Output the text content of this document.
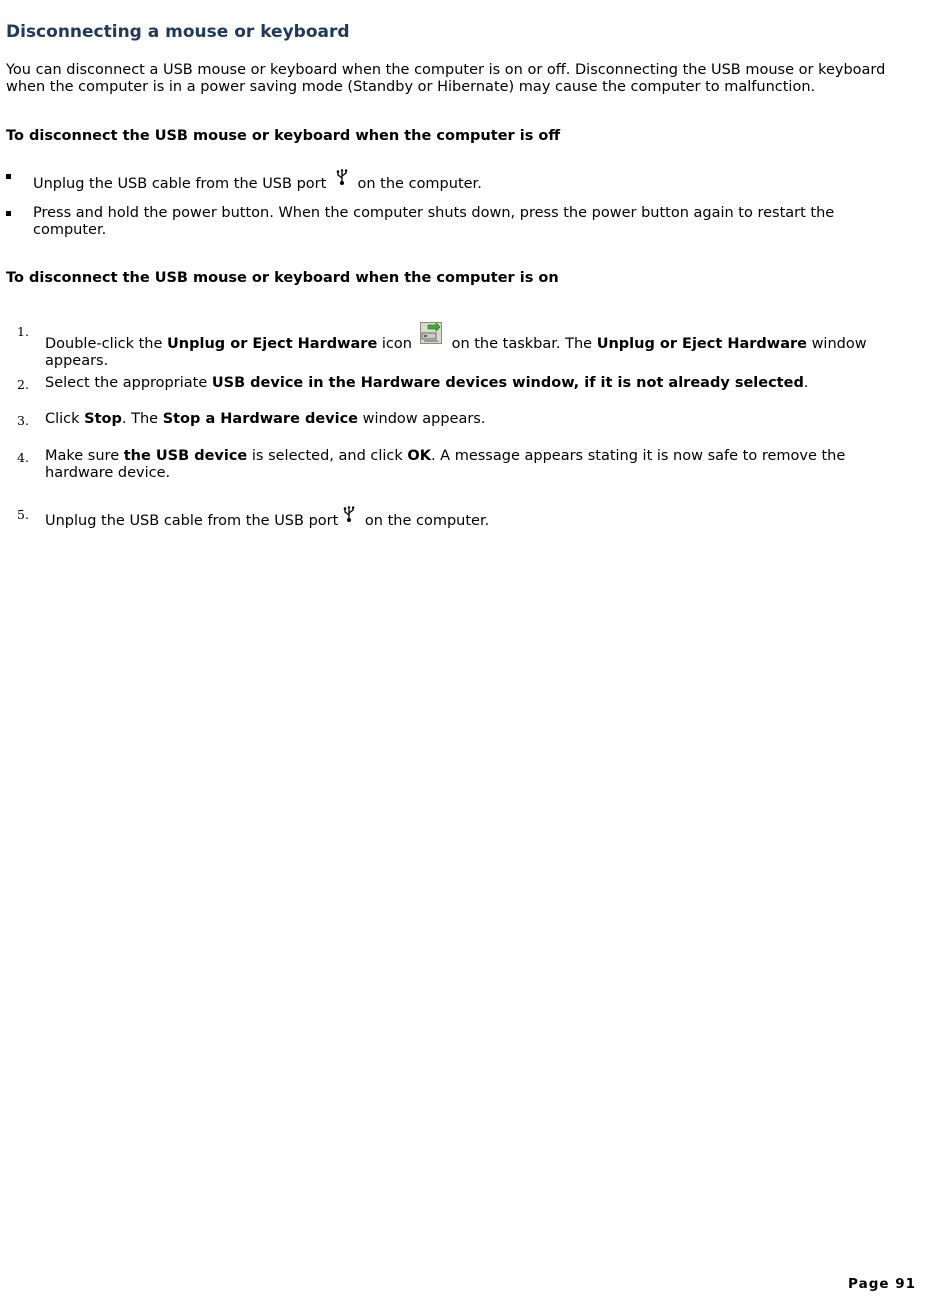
Disconnecting a mouse or keyboard

You can disconnect a USB mouse or keyboard when the computer is on or off. Disconnecting the USB mouse or keyboard when the computer is in a power saving mode (Standby or Hibernate) may cause the computer to malfunction.

To disconnect the USB mouse or keyboard when the computer is off
Unplug the USB cable from the USB port on the computer.
Press and hold the power button. When the computer shuts down, press the power button again to restart the computer.
To disconnect the USB mouse or keyboard when the computer is on
1.
Double-click the Unplug or Eject Hardware icon on the taskbar. The Unplug or Eject Hardware window appears.
2. Select the appropriate USB device in the Hardware devices window, if it is not already selected.
3. Click Stop. The Stop a Hardware device window appears.
4. Make sure the USB device is selected, and click OK. A message appears stating it is now safe to remove the hardware device.
5. Unplug the USB cable from the USB port on the computer.
Page 91
